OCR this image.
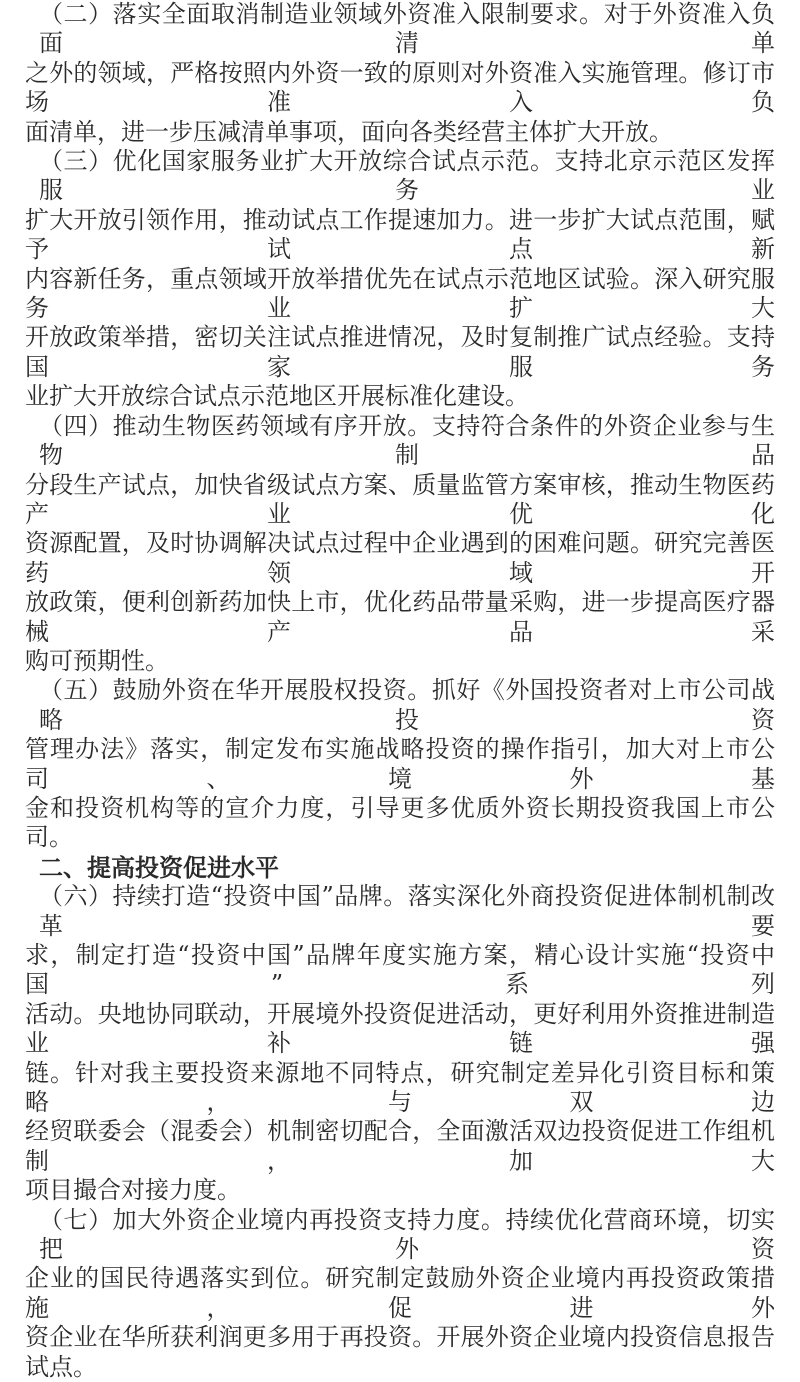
（二）落实全面取消制造业领域外资准入限制要求。对于外资准入负面清单
之外的领域，严格按照内外资一致的原则对外资准入实施管理。修订市场准入负
面清单，进一步压减清单事项，面向各类经营主体扩大开放。
（三）优化国家服务业扩大开放综合试点示范。支持北京示范区发挥服务业
扩大开放引领作用，推动试点工作提速加力。进一步扩大试点范围，赋予试点新
内容新任务，重点领域开放举措优先在试点示范地区试验。深入研究服务业扩大
开放政策举措，密切关注试点推进情况，及时复制推广试点经验。支持国家服务
业扩大开放综合试点示范地区开展标准化建设。
（四）推动生物医药领域有序开放。支持符合条件的外资企业参与生物制品
分段生产试点，加快省级试点方案、质量监管方案审核，推动生物医药产业优化
资源配置，及时协调解决试点过程中企业遇到的困难问题。研究完善医药领域开
放政策，便利创新药加快上市，优化药品带量采购，进一步提高医疗器械产品采
购可预期性。
（五）鼓励外资在华开展股权投资。抓好《外国投资者对上市公司战略投资
管理办法》落实，制定发布实施战略投资的操作指引，加大对上市公司、境外基
金和投资机构等的宣介力度，引导更多优质外资长期投资我国上市公司。
二、提高投资促进水平
（六）持续打造“投资中国”品牌。落实深化外商投资促进体制机制改革要
求，制定打造“投资中国”品牌年度实施方案，精心设计实施“投资中国”系列
活动。央地协同联动，开展境外投资促进活动，更好利用外资推进制造业补链强
链。针对我主要投资来源地不同特点，研究制定差异化引资目标和策略，与双边
经贸联委会（混委会）机制密切配合，全面激活双边投资促进工作组机制，加大
项目撮合对接力度。
（七）加大外资企业境内再投资支持力度。持续优化营商环境，切实把外资
企业的国民待遇落实到位。研究制定鼓励外资企业境内再投资政策措施，促进外
资企业在华所获利润更多用于再投资。开展外资企业境内投资信息报告试点。
